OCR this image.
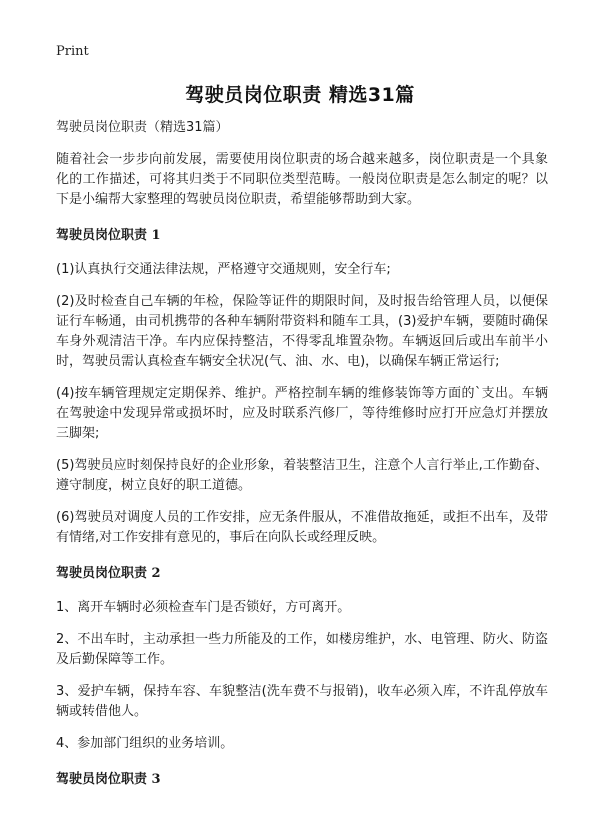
Print
驾驶员岗位职责 精选31篇

驾驶员岗位职责（精选31篇）

随着社会一步步向前发展，需要使用岗位职责的场合越来越多，岗位职责是一个具象化的工作描述，可将其归类于不同职位类型范畴。一般岗位职责是怎么制定的呢？以下是小编帮大家整理的驾驶员岗位职责，希望能够帮助到大家。

驾驶员岗位职责 1

(1)认真执行交通法律法规，严格遵守交通规则，安全行车;

(2)及时检查自己车辆的年检，保险等证件的期限时间，及时报告给管理人员，以便保证行车畅通，由司机携带的各种车辆附带资料和随车工具，(3)爱护车辆，要随时确保车身外观清洁干净。车内应保持整洁，不得零乱堆置杂物。车辆返回后或出车前半小时，驾驶员需认真检查车辆安全状况(气、油、水、电)，以确保车辆正常运行;

(4)按车辆管理规定定期保养、维护。严格控制车辆的维修装饰等方面的`支出。车辆在驾驶途中发现异常或损坏时，应及时联系汽修厂，等待维修时应打开应急灯并摆放三脚架;

(5)驾驶员应时刻保持良好的企业形象，着装整洁卫生，注意个人言行举止,工作勤奋、遵守制度，树立良好的职工道德。

(6)驾驶员对调度人员的工作安排，应无条件服从，不准借故拖延，或拒不出车，及带有情绪,对工作安排有意见的，事后在向队长或经理反映。

驾驶员岗位职责 2

1、离开车辆时必须检查车门是否锁好，方可离开。

2、不出车时，主动承担一些力所能及的工作，如楼房维护，水、电管理、防火、防盗及后勤保障等工作。

3、爱护车辆，保持车容、车貌整洁(洗车费不与报销)，收车必须入库，不许乱停放车辆或转借他人。

4、参加部门组织的业务培训。

驾驶员岗位职责 3
